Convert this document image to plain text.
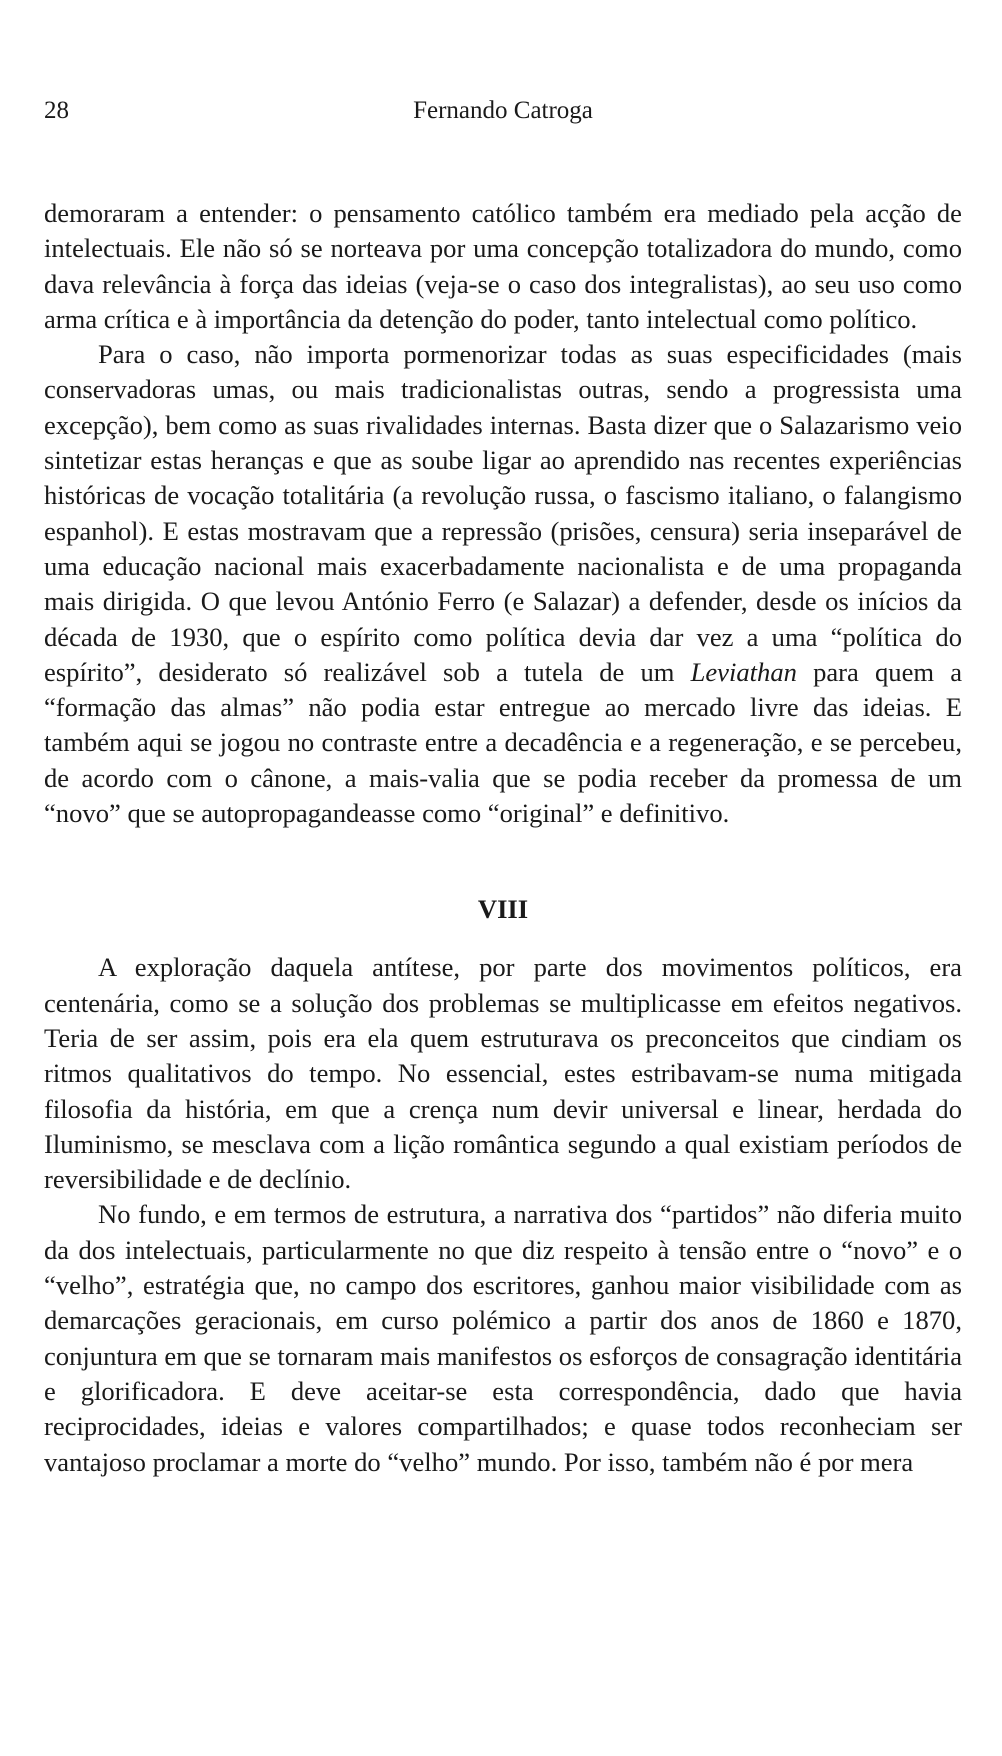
28	Fernando Catroga

demoraram a entender: o pensamento católico também era mediado pela acção de intelectuais. Ele não só se norteava por uma concepção totalizadora do mundo, como dava relevância à força das ideias (veja-se o caso dos integralistas), ao seu uso como arma crítica e à importância da detenção do poder, tanto intelectual como político.

Para o caso, não importa pormenorizar todas as suas especificidades (mais conservadoras umas, ou mais tradicionalistas outras, sendo a progressista uma excepção), bem como as suas rivalidades internas. Basta dizer que o Salazarismo veio sintetizar estas heranças e que as soube ligar ao aprendido nas recentes experiências históricas de vocação totalitária (a revolução russa, o fascismo italiano, o falangismo espanhol). E estas mostravam que a repressão (prisões, censura) seria inseparável de uma educação nacional mais exacerbadamente nacionalista e de uma propaganda mais dirigida. O que levou António Ferro (e Salazar) a defender, desde os inícios da década de 1930, que o espírito como política devia dar vez a uma “política do espírito”, desiderato só realizável sob a tutela de um Leviathan para quem a “formação das almas” não podia estar entregue ao mercado livre das ideias. E também aqui se jogou no contraste entre a decadência e a regeneração, e se percebeu, de acordo com o cânone, a mais-valia que se podia receber da promessa de um “novo” que se autopropagandeasse como “original” e definitivo.

VIII

A exploração daquela antítese, por parte dos movimentos políticos, era centenária, como se a solução dos problemas se multiplicasse em efeitos negativos. Teria de ser assim, pois era ela quem estruturava os preconceitos que cindiam os ritmos qualitativos do tempo. No essencial, estes estribavam-se numa mitigada filosofia da história, em que a crença num devir universal e linear, herdada do Iluminismo, se mesclava com a lição romântica segundo a qual existiam períodos de reversibilidade e de declínio.

No fundo, e em termos de estrutura, a narrativa dos “partidos” não diferia muito da dos intelectuais, particularmente no que diz respeito à tensão entre o “novo” e o “velho”, estratégia que, no campo dos escritores, ganhou maior visibilidade com as demarcações geracionais, em curso polémico a partir dos anos de 1860 e 1870, conjuntura em que se tornaram mais manifestos os esforços de consagração identitária e glorificadora. E deve aceitar-se esta correspondência, dado que havia reciprocidades, ideias e valores compartilhados; e quase todos reconheciam ser vantajoso proclamar a morte do “velho” mundo. Por isso, também não é por mera
